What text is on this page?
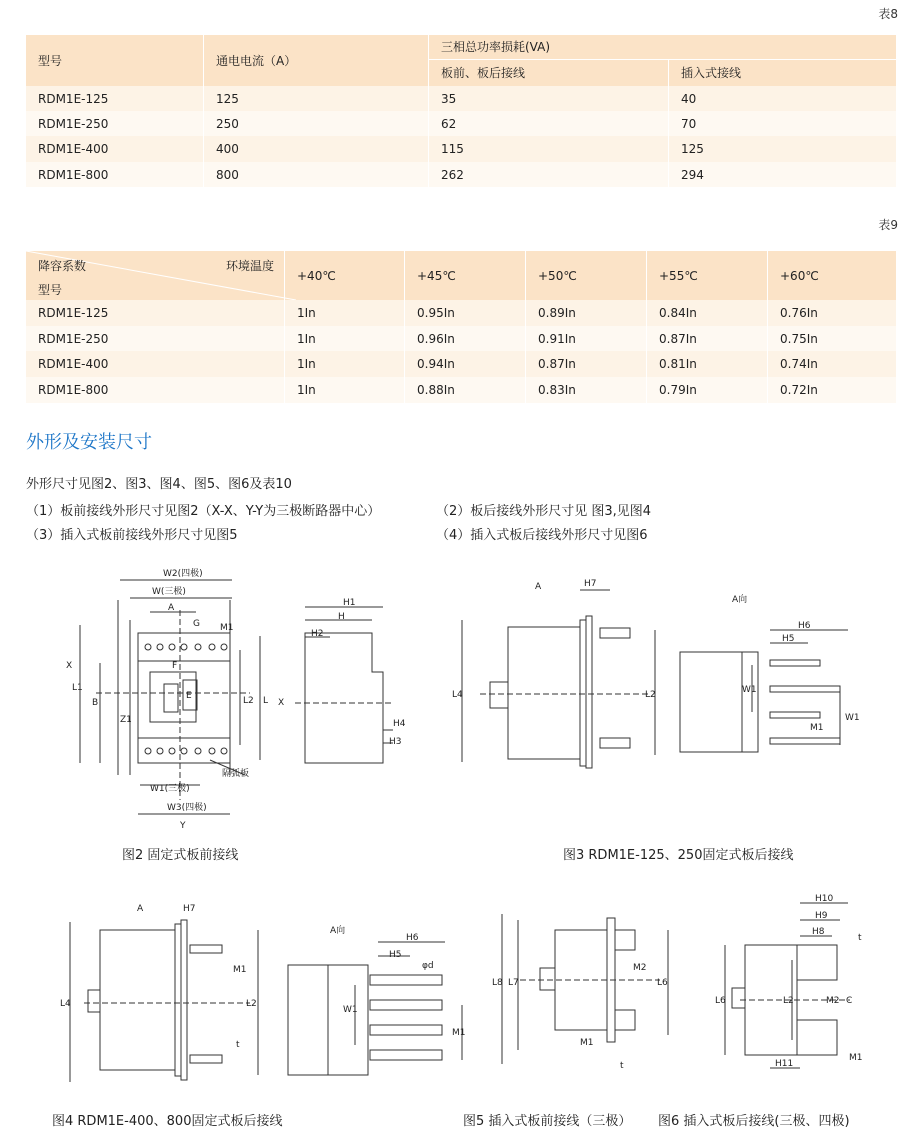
表8
型号	通电电流（A）	三相总功率损耗(VA)	
		板前、板后接线	插入式接线
RDM1E-125	125	35	40
RDM1E-250	250	62	70
RDM1E-400	400	115	125
RDM1E-800	800	262	294
表9
降容系数 环境温度
型号	+40℃	+45℃	+50℃	+55℃	+60℃
RDM1E-125	1In	0.95In	0.89In	0.84In	0.76In
RDM1E-250	1In	0.96In	0.91In	0.87In	0.75In
RDM1E-400	1In	0.94In	0.87In	0.81In	0.74In
RDM1E-800	1In	0.88In	0.83In	0.79In	0.72In
外形及安装尺寸
外形尺寸见图2、图3、图4、图5、图6及表10
（1）板前接线外形尺寸见图2（X-X、Y-Y为三极断路器中心）	（2）板后接线外形尺寸见 图3,见图4
（3）插入式板前接线外形尺寸见图5	（4）插入式板后接线外形尺寸见图6
W2(四极)
W(三极)
A
G M1
X
L1
B
Z1
L2 L X
E
F
W1(三极)
W3(四极)
Y
隔弧板
H1
H
H2
H4
H3
A	H7
A向
L4	L2
H6
H5
W1
M1
W1
A	H7
A向
L4	L2
M1
t
H6
H5
φd
W1
M1
L8 L7
M2
L6
M1
t
H10
H9
H8
t
L6	L2	M2 C
H11
M1
图2 固定式板前接线	图3 RDM1E-125、250固定式板后接线
图4 RDM1E-400、800固定式板后接线	图5 插入式板前接线（三极） 图6 插入式板后接线(三极、四极)
